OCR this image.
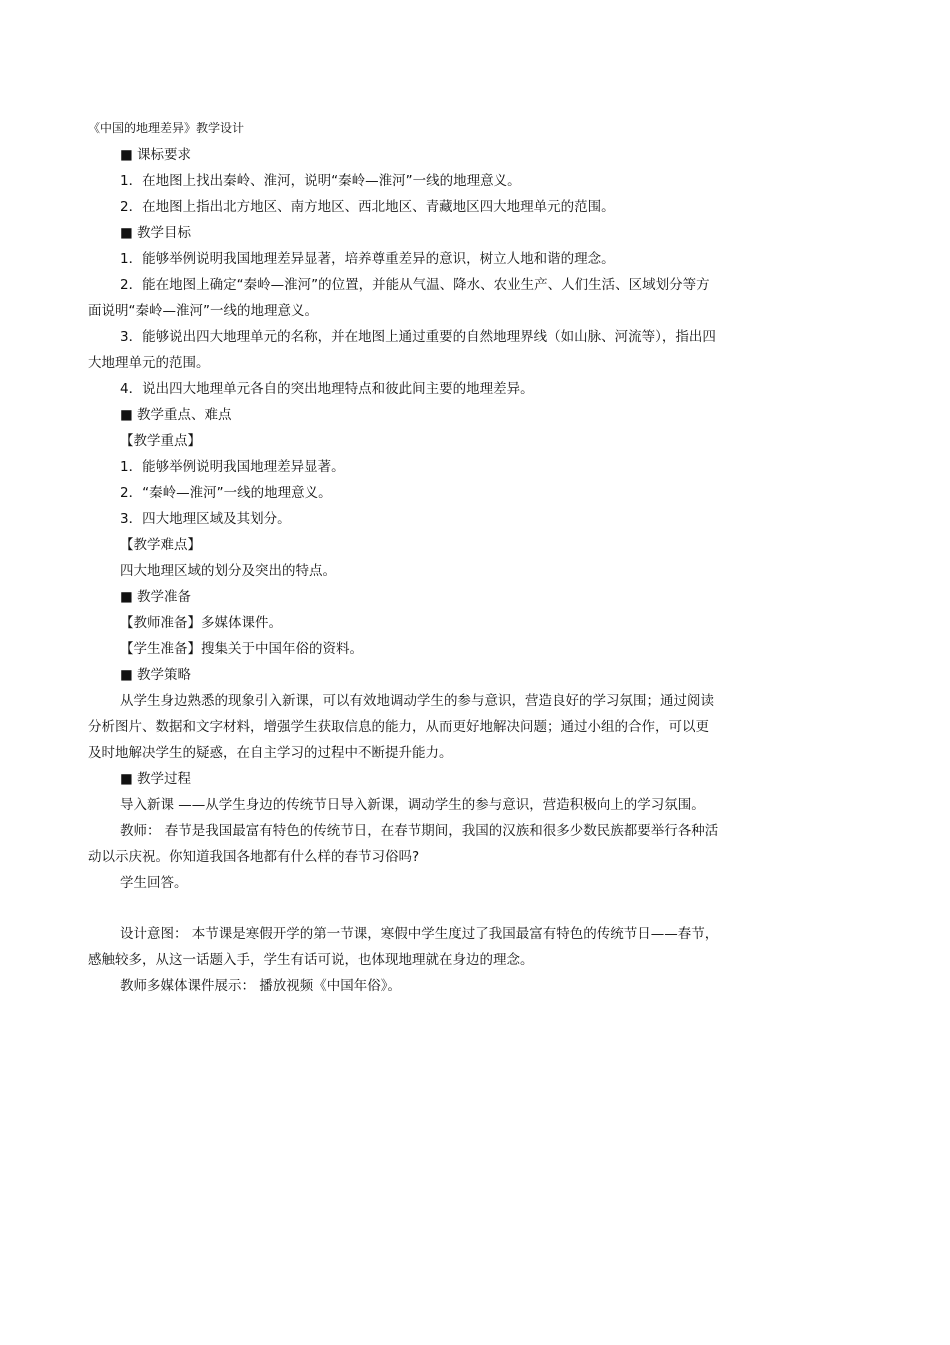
《中国的地理差异》教学设计
■ 课标要求
1．在地图上找出秦岭、淮河，说明“秦岭—淮河”一线的地理意义。
2．在地图上指出北方地区、南方地区、西北地区、青藏地区四大地理单元的范围。
■ 教学目标
1．能够举例说明我国地理差异显著，培养尊重差异的意识，树立人地和谐的理念。
2．能在地图上确定“秦岭—淮河”的位置，并能从气温、降水、农业生产、人们生活、区域划分等方
面说明“秦岭—淮河”一线的地理意义。
3．能够说出四大地理单元的名称，并在地图上通过重要的自然地理界线（如山脉、河流等），指出四
大地理单元的范围。
4．说出四大地理单元各自的突出地理特点和彼此间主要的地理差异。
■ 教学重点、难点
【教学重点】
1．能够举例说明我国地理差异显著。
2．“秦岭—淮河”一线的地理意义。
3．四大地理区域及其划分。
【教学难点】
四大地理区域的划分及突出的特点。
■ 教学准备
【教师准备】多媒体课件。
【学生准备】搜集关于中国年俗的资料。
■ 教学策略
从学生身边熟悉的现象引入新课，可以有效地调动学生的参与意识，营造良好的学习氛围；通过阅读
分析图片、数据和文字材料，增强学生获取信息的能力，从而更好地解决问题；通过小组的合作，可以更
及时地解决学生的疑惑，在自主学习的过程中不断提升能力。
■ 教学过程
导入新课 ——从学生身边的传统节日导入新课，调动学生的参与意识，营造积极向上的学习氛围。
教师： 春节是我国最富有特色的传统节日，在春节期间，我国的汉族和很多少数民族都要举行各种活
动以示庆祝。你知道我国各地都有什么样的春节习俗吗?
学生回答。
设计意图： 本节课是寒假开学的第一节课，寒假中学生度过了我国最富有特色的传统节日——春节，
感触较多，从这一话题入手，学生有话可说，也体现地理就在身边的理念。
教师多媒体课件展示： 播放视频《中国年俗》。
